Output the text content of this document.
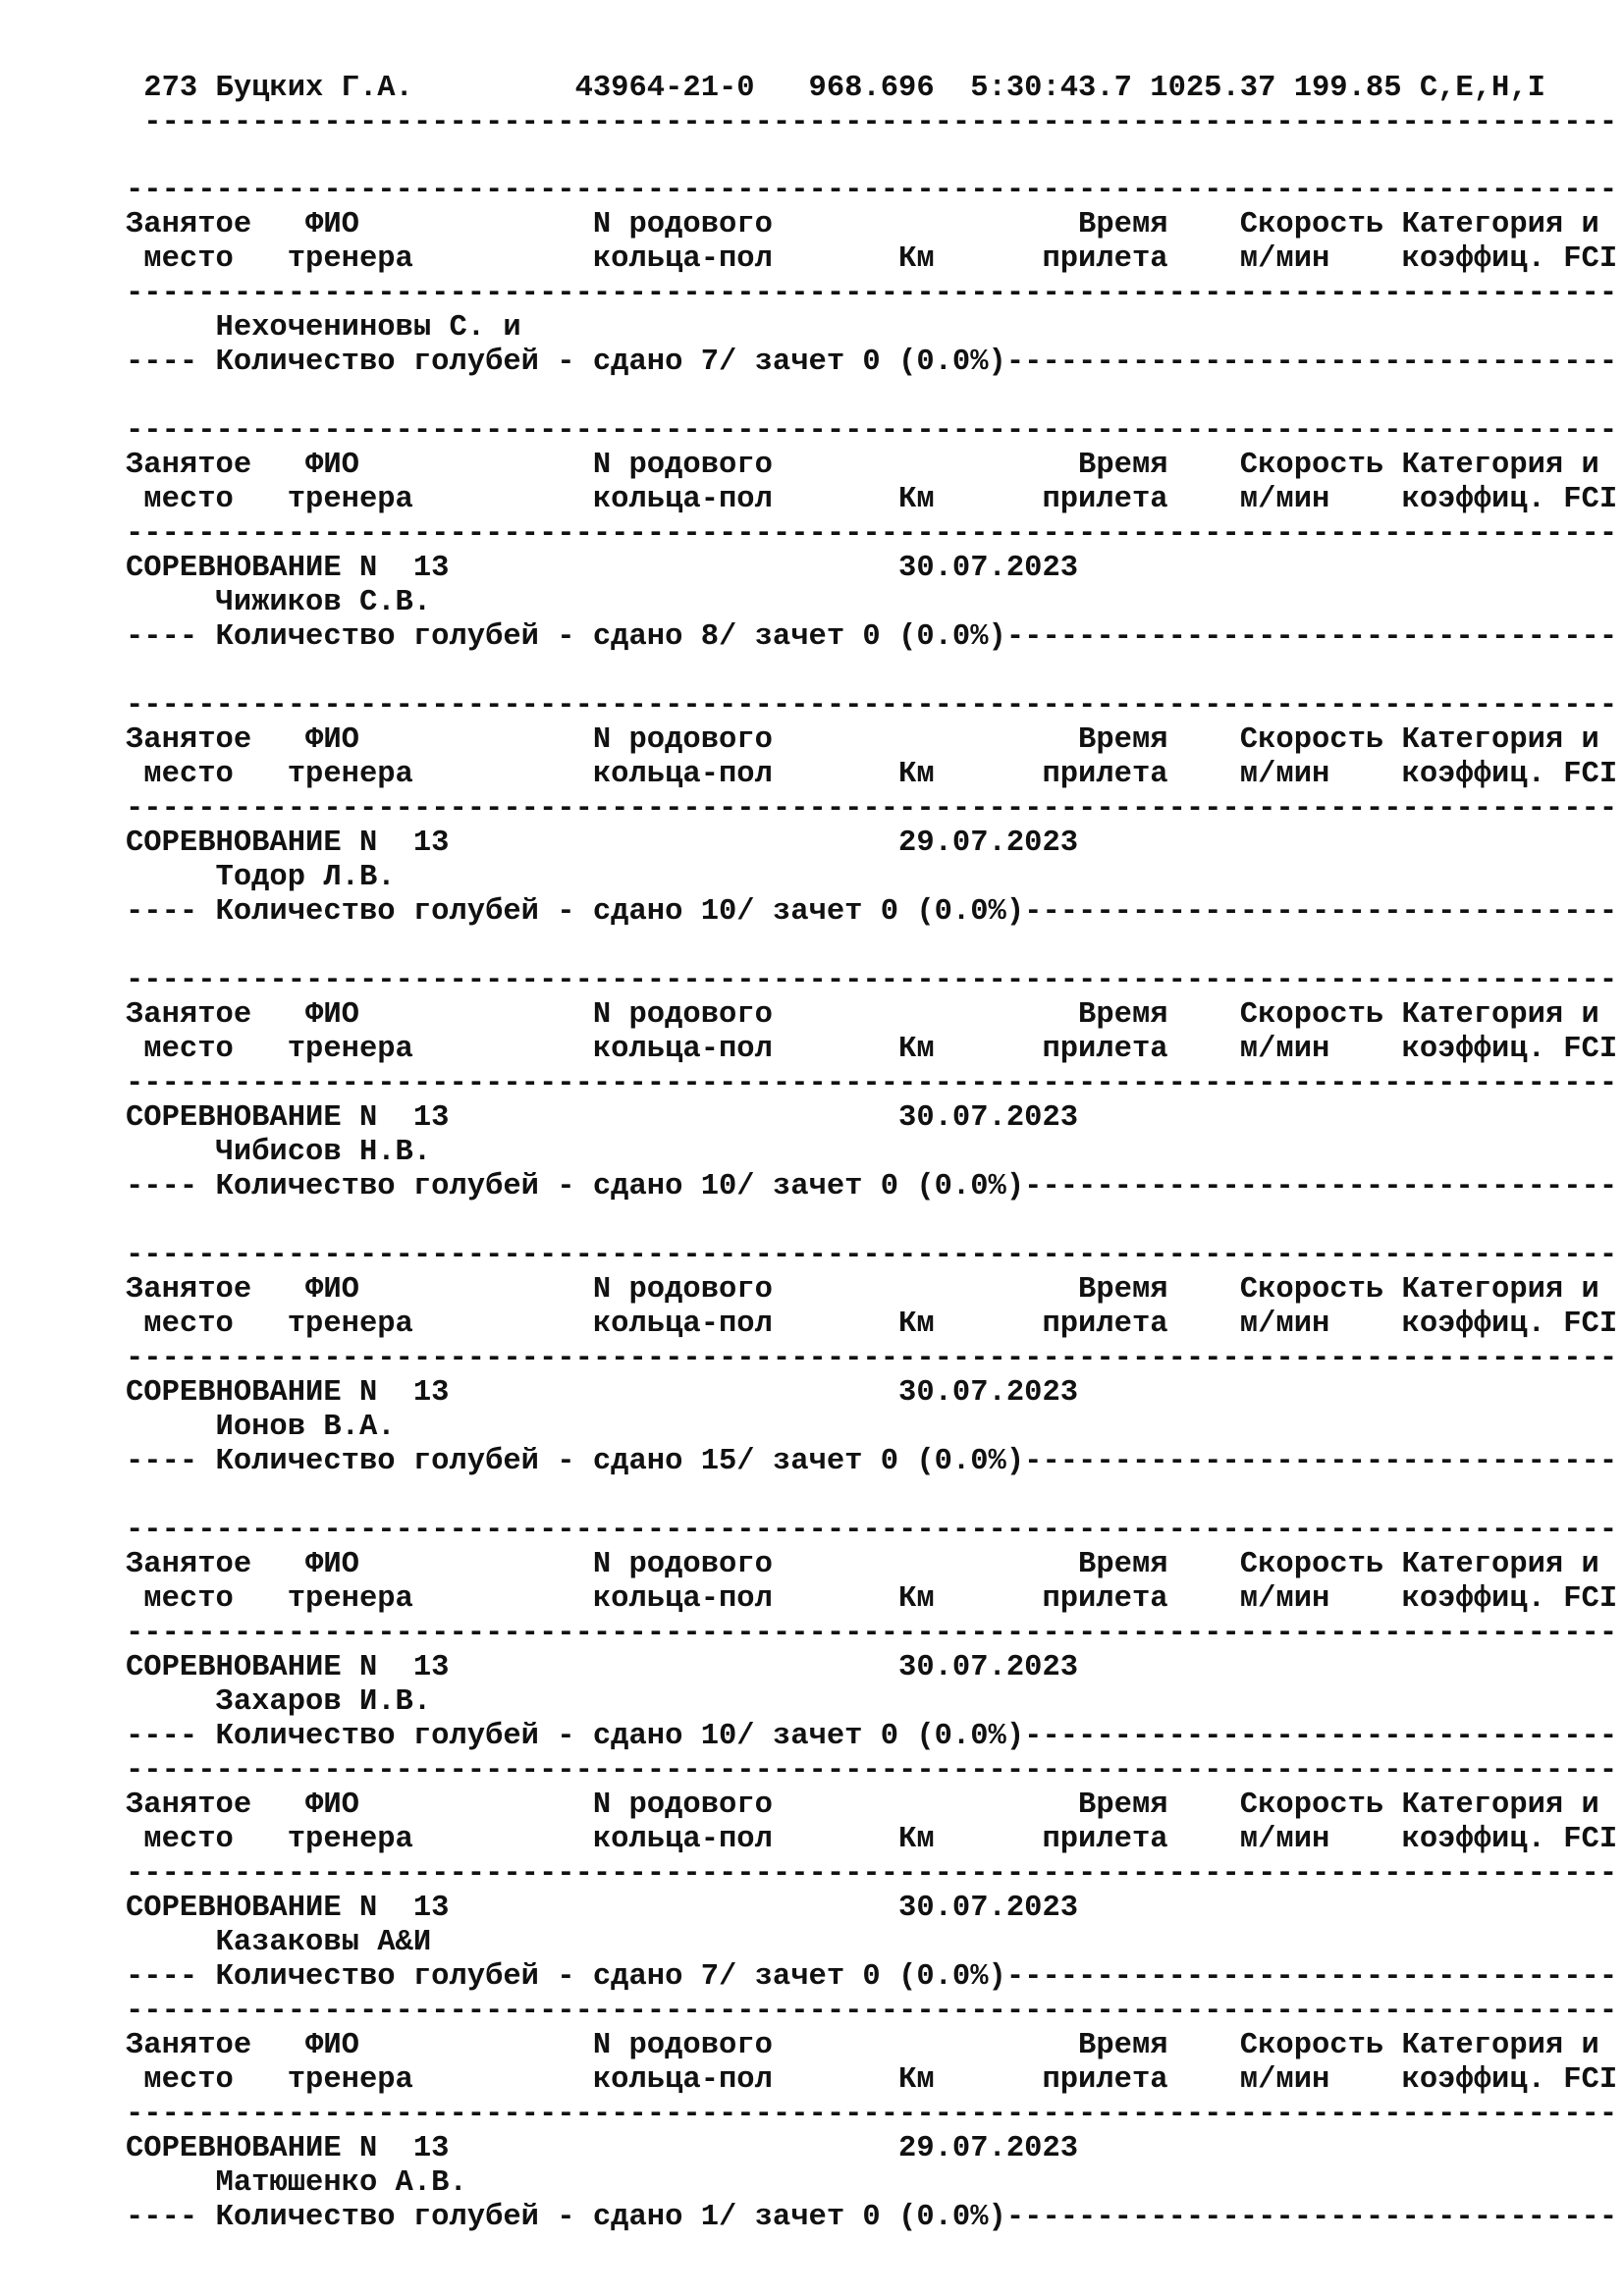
273 Буцких Г.А.         43964-21-0   968.696  5:30:43.7 1025.37 199.85 C,E,H,I
----------------------------------------------------------------------------------
-----------------------------------------------------------------------------------
Занятое   ФИО             N родового                 Время    Скорость Категория и
место   тренера          кольца-пол       Км      прилета    м/мин    коэффиц. FCI
-----------------------------------------------------------------------------------
Нехочениновы С. и
---- Количество голубей - сдано 7/ зачет 0 (0.0%)----------------------------------
-----------------------------------------------------------------------------------
Занятое   ФИО             N родового                 Время    Скорость Категория и
место   тренера          кольца-пол       Км      прилета    м/мин    коэффиц. FCI
-----------------------------------------------------------------------------------
СОРЕВНОВАНИЕ N  13                         30.07.2023
Чижиков С.В.
---- Количество голубей - сдано 8/ зачет 0 (0.0%)----------------------------------
-----------------------------------------------------------------------------------
Занятое   ФИО             N родового                 Время    Скорость Категория и
место   тренера          кольца-пол       Км      прилета    м/мин    коэффиц. FCI
-----------------------------------------------------------------------------------
СОРЕВНОВАНИЕ N  13                         29.07.2023
Тодор Л.В.
---- Количество голубей - сдано 10/ зачет 0 (0.0%)---------------------------------
-----------------------------------------------------------------------------------
Занятое   ФИО             N родового                 Время    Скорость Категория и
место   тренера          кольца-пол       Км      прилета    м/мин    коэффиц. FCI
-----------------------------------------------------------------------------------
СОРЕВНОВАНИЕ N  13                         30.07.2023
Чибисов Н.В.
---- Количество голубей - сдано 10/ зачет 0 (0.0%)---------------------------------
-----------------------------------------------------------------------------------
Занятое   ФИО             N родового                 Время    Скорость Категория и
место   тренера          кольца-пол       Км      прилета    м/мин    коэффиц. FCI
-----------------------------------------------------------------------------------
СОРЕВНОВАНИЕ N  13                         30.07.2023
Ионов В.А.
---- Количество голубей - сдано 15/ зачет 0 (0.0%)---------------------------------
-----------------------------------------------------------------------------------
Занятое   ФИО             N родового                 Время    Скорость Категория и
место   тренера          кольца-пол       Км      прилета    м/мин    коэффиц. FCI
-----------------------------------------------------------------------------------
СОРЕВНОВАНИЕ N  13                         30.07.2023
Захаров И.В.
---- Количество голубей - сдано 10/ зачет 0 (0.0%)---------------------------------
-----------------------------------------------------------------------------------
Занятое   ФИО             N родового                 Время    Скорость Категория и
место   тренера          кольца-пол       Км      прилета    м/мин    коэффиц. FCI
-----------------------------------------------------------------------------------
СОРЕВНОВАНИЕ N  13                         30.07.2023
Казаковы А&И
---- Количество голубей - сдано 7/ зачет 0 (0.0%)----------------------------------
-----------------------------------------------------------------------------------
Занятое   ФИО             N родового                 Время    Скорость Категория и
место   тренера          кольца-пол       Км      прилета    м/мин    коэффиц. FCI
-----------------------------------------------------------------------------------
СОРЕВНОВАНИЕ N  13                         29.07.2023
Матюшенко А.В.
---- Количество голубей - сдано 1/ зачет 0 (0.0%)----------------------------------
